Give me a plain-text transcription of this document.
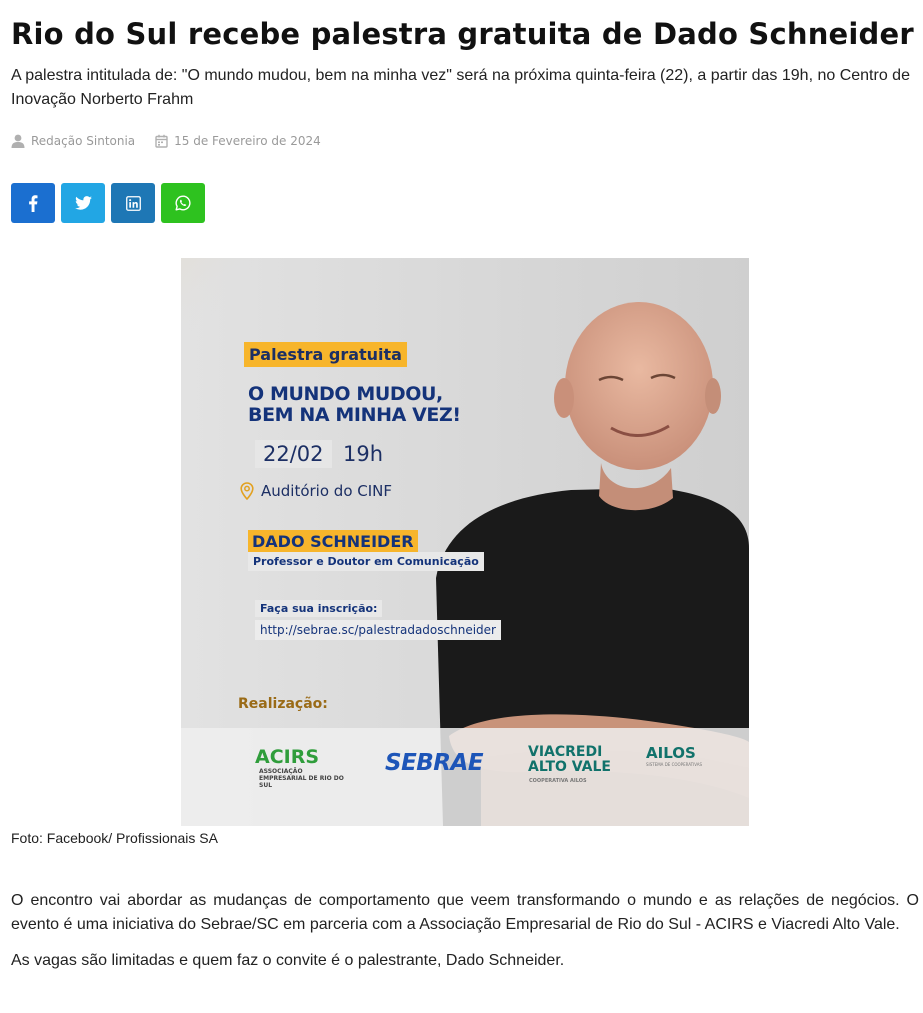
Rio do Sul recebe palestra gratuita de Dado Schneider

A palestra intitulada de: "O mundo mudou, bem na minha vez" será na próxima quinta-feira (22), a partir das 19h, no Centro de Inovação Norberto Frahm

Redação Sintonia	15 de Fevereiro de 2024
Palestra gratuita
O MUNDO MUDOU,
BEM NA MINHA VEZ!
22/02 19h
Auditório do CINF
DADO SCHNEIDER
Professor e Doutor em Comunicação
Faça sua inscrição:
http://sebrae.sc/palestradadoschneider
Realização:
ACIRS
ASSOCIAÇÃO EMPRESARIAL DE RIO DO SUL
SEBRAE	VIACREDI ALTO VALE
COOPERATIVA AILOS
AILOS
SISTEMA DE COOPERATIVAS

Foto: Facebook/ Profissionais SA

O encontro vai abordar as mudanças de comportamento que veem transformando o mundo e as relações de negócios. O evento é uma iniciativa do Sebrae/SC em parceria com a Associação Empresarial de Rio do Sul - ACIRS e Viacredi Alto Vale.

As vagas são limitadas e quem faz o convite é o palestrante, Dado Schneider.
